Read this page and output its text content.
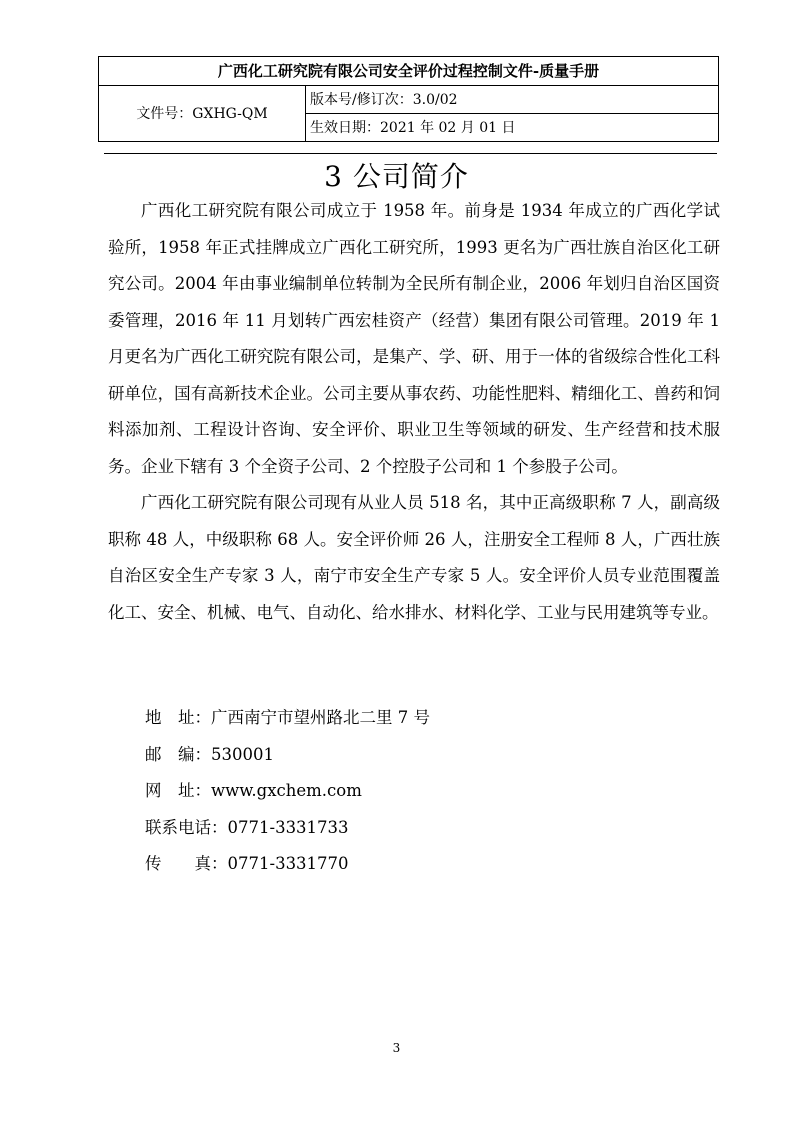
广西化工研究院有限公司安全评价过程控制文件-质量手册
文件号：GXHG-QM	版本号/修订次：3.0/02
生效日期：2021 年 02 月 01 日
3 公司简介

广西化工研究院有限公司成立于 1958 年。前身是 1934 年成立的广西化学试验所，1958 年正式挂牌成立广西化工研究所，1993 更名为广西壮族自治区化工研究公司。2004 年由事业编制单位转制为全民所有制企业，2006 年划归自治区国资委管理，2016 年 11 月划转广西宏桂资产（经营）集团有限公司管理。2019 年 1 月更名为广西化工研究院有限公司，是集产、学、研、用于一体的省级综合性化工科研单位，国有高新技术企业。公司主要从事农药、功能性肥料、精细化工、兽药和饲料添加剂、工程设计咨询、安全评价、职业卫生等领域的研发、生产经营和技术服务。企业下辖有 3 个全资子公司、2 个控股子公司和 1 个参股子公司。

广西化工研究院有限公司现有从业人员 518 名，其中正高级职称 7 人，副高级职称 48 人，中级职称 68 人。安全评价师 26 人，注册安全工程师 8 人，广西壮族自治区安全生产专家 3 人，南宁市安全生产专家 5 人。安全评价人员专业范围覆盖化工、安全、机械、电气、自动化、给水排水、材料化学、工业与民用建筑等专业。

地　址：广西南宁市望州路北二里 7 号
邮　编：530001
网　址：www.gxchem.com
联系电话：0771-3331733
传　　真：0771-3331770
3
